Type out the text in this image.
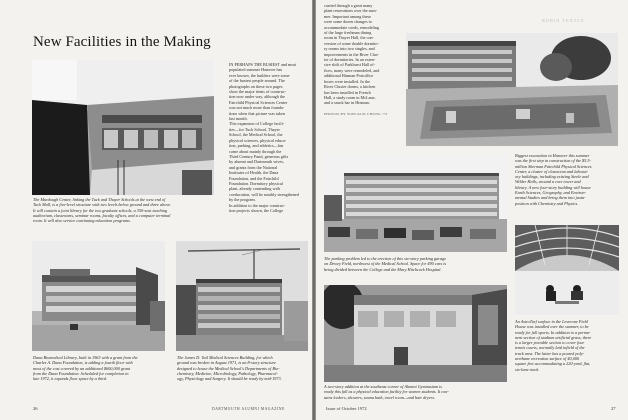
New Facilities in the Making
The Murdough Center, linking the Tuck and Thayer Schools at the west end of
Tuck Mall, is a five-level structure with two levels below ground and three above.
It will contain a joint library for the two graduate schools, a 350-seat teaching
auditorium, classrooms, seminar rooms, faculty offices, and a computer terminal
room. It will also service continuing education programs.
IN PERHAPS THE BUSIEST and most
populated summer Hanover has
ever known, the builders were some
of the busiest people around. The
photographs on these two pages
show the major items of construc-
tion now under way, although the
Fairchild Physical Sciences Center
was not much more than founda-
tions when that picture was taken
last month.
This expansion of College facili-
ties—for Tuck School, Thayer
School, the Medical School, the
physical sciences, physical educa-
tion, parking, and athletics—has
come about mainly through the
Third Century Fund, generous gifts
by alumni and Dartmouth wives,
and grants from the National
Institutes of Health, the Dana
Foundation, and the Fairchild
Foundation. Dormitory physical
plant, already contending with
coeducation, will be notably strengthened
by the program.
In addition to the major construc-
tion projects shown, the College
Dana Biomedical Library, built in 1963 with a grant from the
Charles A. Dana Foundation, is adding a fourth floor with
most of the cost covered by an additional $600,000 grant
from the Dana Foundation. Scheduled for completion in
late 1972, it expands floor space by a third.
The James D. Vail Medical Sciences Building, for which
ground was broken in August 1971, is an 8-story structure
designed to house the Medical School's Departments of Bio-
chemistry, Medicine, Microbiology, Pathology, Pharmacol-
ogy, Physiology and Surgery. It should be ready by mid-1973.
26	DARTMOUTH ALUMNI MAGAZINE
ROBIN TEXTLE
carried through a great many
plant renovations over the sum-
mer. Important among these
were some dozen changes to
accommodate coeds, remodeling
of the large freshman dining
room in Thayer Hall, the con-
version of some double dormito-
ry rooms into two singles, and
improvements in the River Clus-
ter of dormitories. In an exten-
sive shift of Parkhurst Hall of-
fices, many were remodeled, and
additional Hinman Postoffice
boxes were installed. In the
River Cluster dorms, a kitchen
has been installed in French
Hall, a study room in McLane,
and a snack bar in Hinman.
PHOTOS BY WON KUN CHUNG '73
Biggest excavation in Hanover this summer
was the first step in construction of the $5.5-
million Sherman Fairchild Physical Sciences
Center, a cluster of classroom and laborat-
ory buildings, including existing Steele and
Wilder Halls, around a core tower and
library. A new four-story building will house
Earth Sciences, Geography, and Environ-
mental Studies and bring them into juxta-
position with Chemistry and Physics.
The parking problem led to the erection of this six-story parking garage
on Dewey Field, northwest of the Medical School. Space for 490 cars is
being divided between the College and the Mary Hitchcock Hospital.
A two-story addition at the southeast corner of Alumni Gymnasium is
ready this fall as a physical education facility for women students. It con-
tains lockers, showers, sauna bath, towel room—and hair dryers.
An AstroTurf surface in the Leverone Field
House was installed over the summer, to be
ready for full sports. In addition to a perma-
nent section of stadium artificial grass, there
is a larger portable section to cover four
tennis courts, normally laid infield of the
track area. The latter has a poured poly-
urethane recreation surface of 40,000
square feet accommodating a 220-yard, flat,
six-lane track.
Issue of October 1972	27
